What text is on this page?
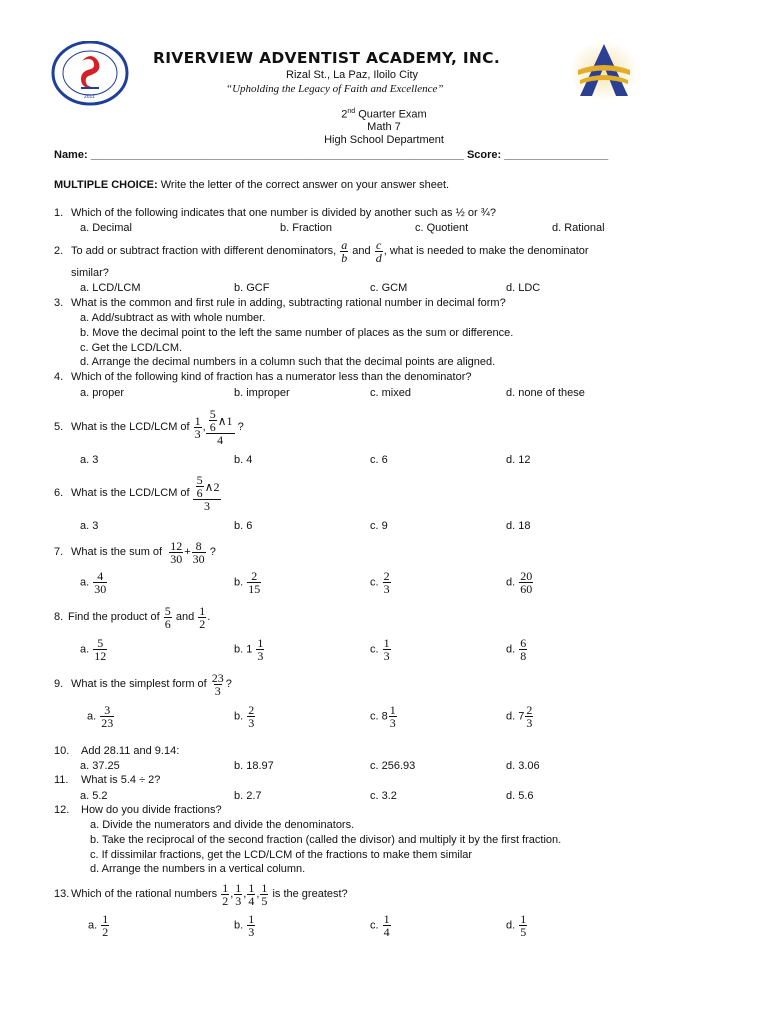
2011
RIVERVIEW ADVENTIST ACADEMY, INC.
Rizal St., La Paz, Iloilo City
“Upholding the Legacy of Faith and Excellence”
2nd Quarter Exam
Math 7
High School Department
Name: _____________________________________________________________ Score: _________________
MULTIPLE CHOICE: Write the letter of the correct answer on your answer sheet.
1. Which of the following indicates that one number is divided by another such as ½ or ¾?
a. Decimal	b. Fraction	c. Quotient	d. Rational
2. To add or subtract fraction with different denominators, $\frac{a}{b}$ and $\frac{c}{d}$ , what is needed to make the denominator
similar?
a. LCD/LCM	b. GCF	c. GCM	d. LDC
3. What is the common and first rule in adding, subtracting rational number in decimal form?
a. Add/subtract as with whole number.
b. Move the decimal point to the left the same number of places as the sum or difference.
c. Get the LCD/LCM.
d. Arrange the decimal numbers in a column such that the decimal points are aligned.
4. Which of the following kind of fraction has a numerator less than the denominator?
a. proper	b. improper	c. mixed	d. none of these
5. What is the LCD/LCM of
$\frac{1}{3}$ , $\frac{\frac{5}{6} \wedge 1}{4}$
?
a. 3	b. 4	c. 6	d. 12
6. What is the LCD/LCM of
$\frac{\frac{5}{6} \wedge 2}{3}$
a. 3	b. 6	c. 9	d. 18
7. What is the sum of
$\frac{12}{30} + \frac{8}{30}$
?
a. $\frac{4}{30}$	b. $\frac{2}{15}$	c. $\frac{2}{3}$	d. $\frac{20}{60}$
8. Find the product of
$\frac{5}{6}$
and
$\frac{1}{2}$ .
a. $\frac{5}{12}$	b. $1 \frac{1}{3}$	c. $\frac{1}{3}$	d. $\frac{6}{8}$
9. What is the simplest form of
$\frac{23}{3}$ ?
a. $\frac{3}{23}$	b. $\frac{2}{3}$	c. $8 \frac{1}{3}$	d. $7 \frac{2}{3}$
10. Add 28.11 and 9.14:
a. 37.25	b. 18.97	c. 256.93	d. 3.06
11. What is 5.4 ÷ 2?
a. 5.2	b. 2.7	c. 3.2	d. 5.6
12. How do you divide fractions?
a. Divide the numerators and divide the denominators.
b. Take the reciprocal of the second fraction (called the divisor) and multiply it by the first fraction.
c. If dissimilar fractions, get the LCD/LCM of the fractions to make them similar
d. Arrange the numbers in a vertical column.
13. Which of the rational numbers
$\frac{1}{2}$ , $\frac{1}{3}$ , $\frac{1}{4}$ , $\frac{1}{5}$
is the greatest?
a. $\frac{1}{2}$	b. $\frac{1}{3}$	c. $\frac{1}{4}$	d. $\frac{1}{5}$
